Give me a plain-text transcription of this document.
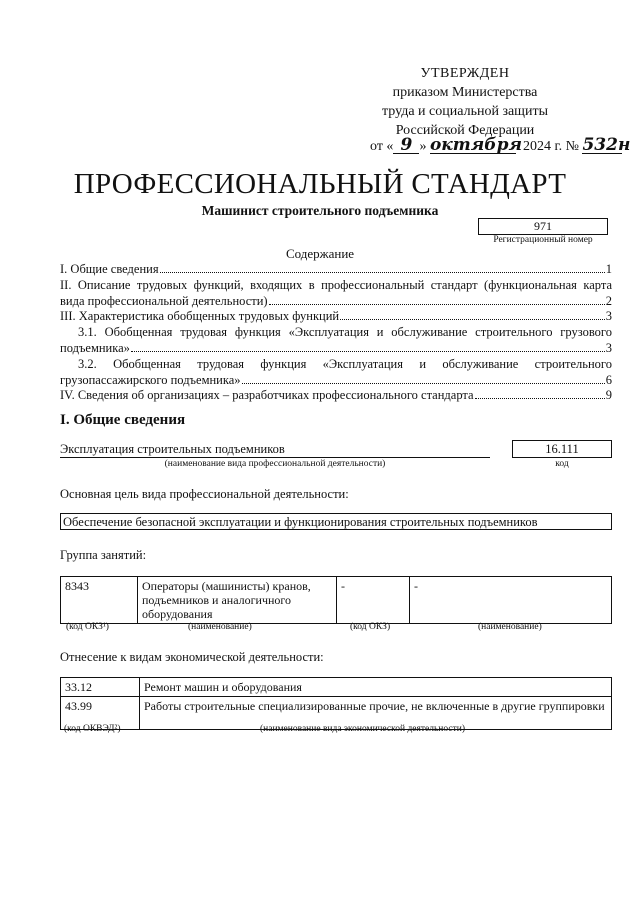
УТВЕРЖДЕН
приказом Министерства
труда и социальной защиты
Российской Федерации
от « 9 » октября  2024 г. № 532н
ПРОФЕССИОНАЛЬНЫЙ СТАНДАРТ
Машинист строительного подъемника
971
Регистрационный номер
Содержание
I. Общие сведения	1
II. Описание трудовых функций, входящих в профессиональный стандарт (функциональная карта
вида профессиональной деятельности)	2
III. Характеристика обобщенных трудовых функций	3
3.1. Обобщенная трудовая функция «Эксплуатация и обслуживание строительного грузового
подъемника»	3
3.2. Обобщенная трудовая функция «Эксплуатация и обслуживание строительного
грузопассажирского подъемника»	6
IV. Сведения об организациях – разработчиках профессионального стандарта	9
I. Общие сведения
Эксплуатация строительных подъемников
(наименование вида профессиональной деятельности)
16.111
код
Основная цель вида профессиональной деятельности:
Обеспечение безопасной эксплуатации и функционирования строительных подъемников
Группа занятий:
8343	Операторы (машинисты) кранов, подъемников и аналогичного оборудования	-	-
(код ОКЗ¹)	(наименование)	(код ОКЗ)	(наименование)
Отнесение к видам экономической деятельности:
33.12	Ремонт машин и оборудования
43.99	Работы строительные специализированные прочие, не включенные в другие группировки
(код ОКВЭД²)	(наименование вида экономической деятельности)
